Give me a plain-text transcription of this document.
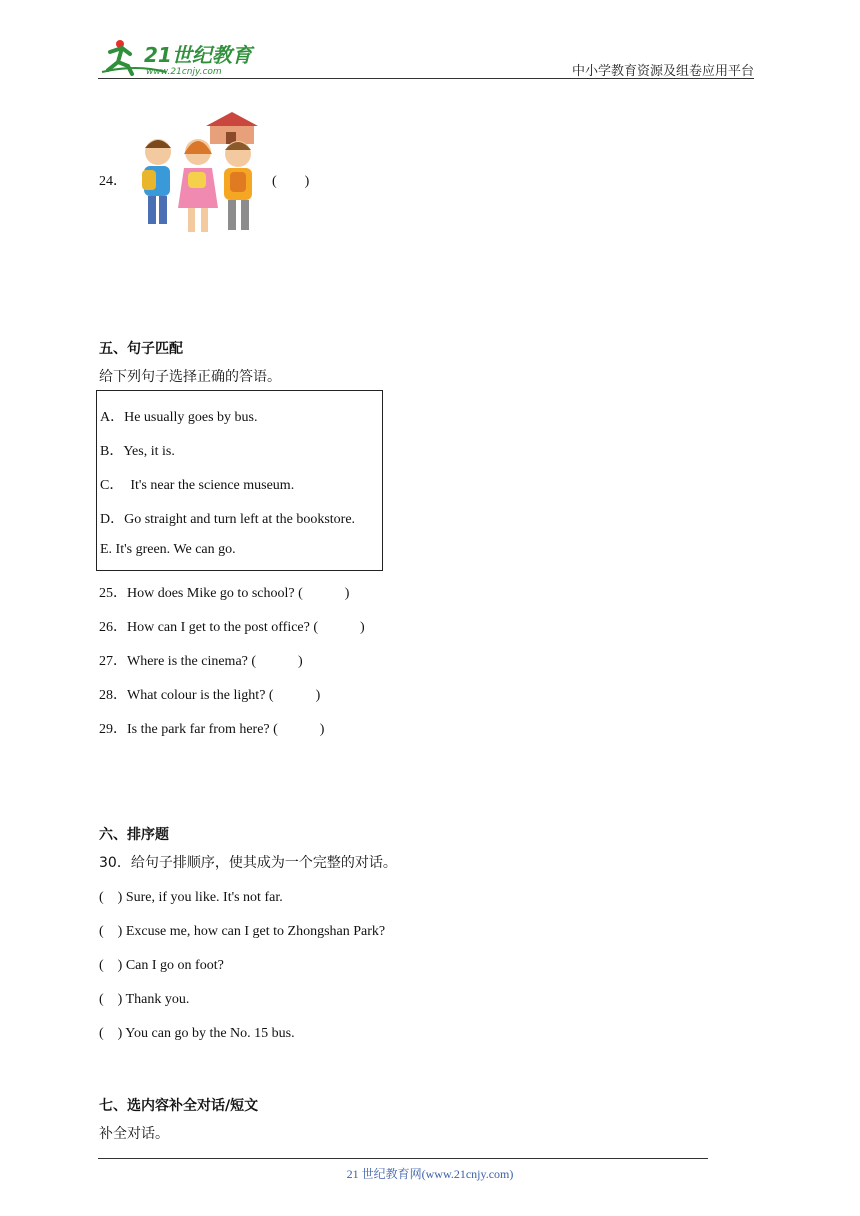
21世纪教育
www.21cnjy.com	中小学教育资源及组卷应用平台
24．	(　　)
五、句子匹配
给下列句子选择正确的答语。
A．He usually goes by bus.
B．Yes, it is.
C．  It's near the science museum.
D．Go straight and turn left at the bookstore.
E. It's green. We can go.
25．How does Mike go to school? (　　　)
26．How can I get to the post office? (　　　)
27．Where is the cinema? (　　　)
28．What colour is the light? (　　　)
29．Is the park far from here? (　　　)
六、排序题
30．给句子排顺序，使其成为一个完整的对话。
(　) Sure, if you like. It's not far.
(　) Excuse me, how can I get to Zhongshan Park?
(　) Can I go on foot?
(　) Thank you.
(　) You can go by the No. 15 bus.
七、选内容补全对话/短文
补全对话。
21 世纪教育网(www.21cnjy.com)
